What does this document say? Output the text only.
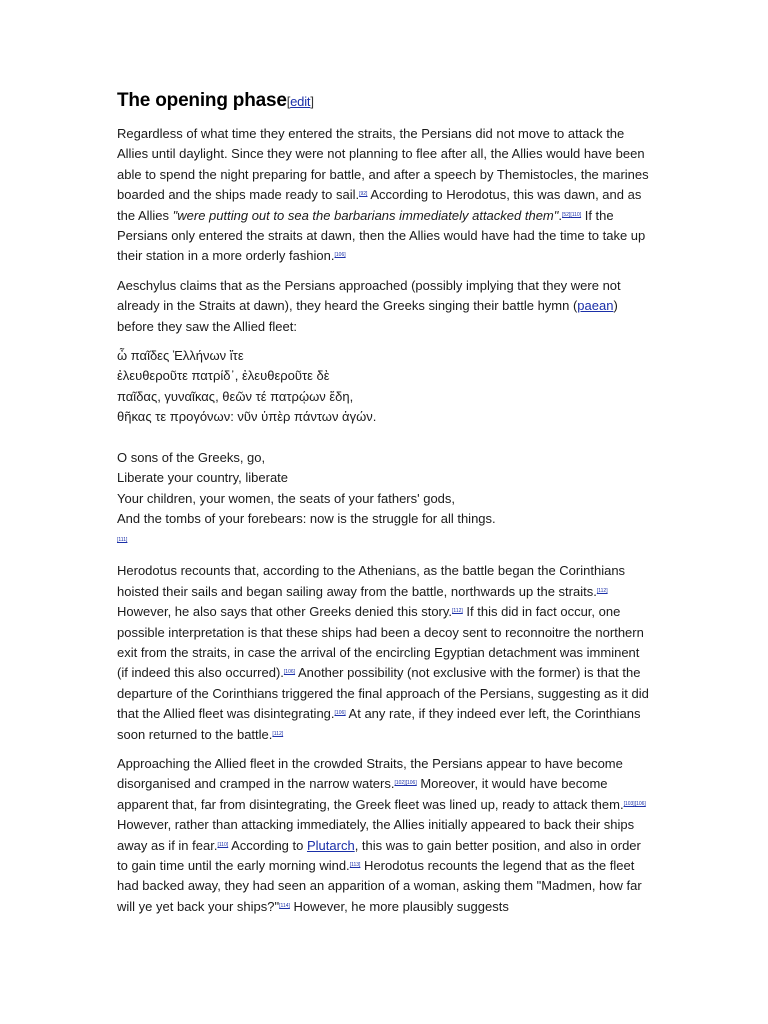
The opening phase[edit]

Regardless of what time they entered the straits, the Persians did not move to attack the Allies until daylight. Since they were not planning to flee after all, the Allies would have been able to spend the night preparing for battle, and after a speech by Themistocles, the marines boarded and the ships made ready to sail.[92] According to Herodotus, this was dawn, and as the Allies "were putting out to sea the barbarians immediately attacked them".[52][110] If the Persians only entered the straits at dawn, then the Allies would have had the time to take up their station in a more orderly fashion.[106]

Aeschylus claims that as the Persians approached (possibly implying that they were not already in the Straits at dawn), they heard the Greeks singing their battle hymn (paean) before they saw the Allied fleet:

ὦ παῖδες Ἑλλήνων ἴτε
ἐλευθεροῦτε πατρίδ᾽, ἐλευθεροῦτε δὲ
παῖδας, γυναῖκας, θεῶν τέ πατρῴων ἕδη,
θῆκας τε προγόνων: νῦν ὑπὲρ πάντων ἀγών.
O sons of the Greeks, go,
Liberate your country, liberate
Your children, your women, the seats of your fathers' gods,
And the tombs of your forebears: now is the struggle for all things.
[111]

Herodotus recounts that, according to the Athenians, as the battle began the Corinthians hoisted their sails and began sailing away from the battle, northwards up the straits.[112] However, he also says that other Greeks denied this story.[112] If this did in fact occur, one possible interpretation is that these ships had been a decoy sent to reconnoitre the northern exit from the straits, in case the arrival of the encircling Egyptian detachment was imminent (if indeed this also occurred).[106] Another possibility (not exclusive with the former) is that the departure of the Corinthians triggered the final approach of the Persians, suggesting as it did that the Allied fleet was disintegrating.[106] At any rate, if they indeed ever left, the Corinthians soon returned to the battle.[112]

Approaching the Allied fleet in the crowded Straits, the Persians appear to have become disorganised and cramped in the narrow waters.[102][106] Moreover, it would have become apparent that, far from disintegrating, the Greek fleet was lined up, ready to attack them.[103][106] However, rather than attacking immediately, the Allies initially appeared to back their ships away as if in fear.[110] According to Plutarch, this was to gain better position, and also in order to gain time until the early morning wind.[113] Herodotus recounts the legend that as the fleet had backed away, they had seen an apparition of a woman, asking them "Madmen, how far will ye yet back your ships?"[114] However, he more plausibly suggests
